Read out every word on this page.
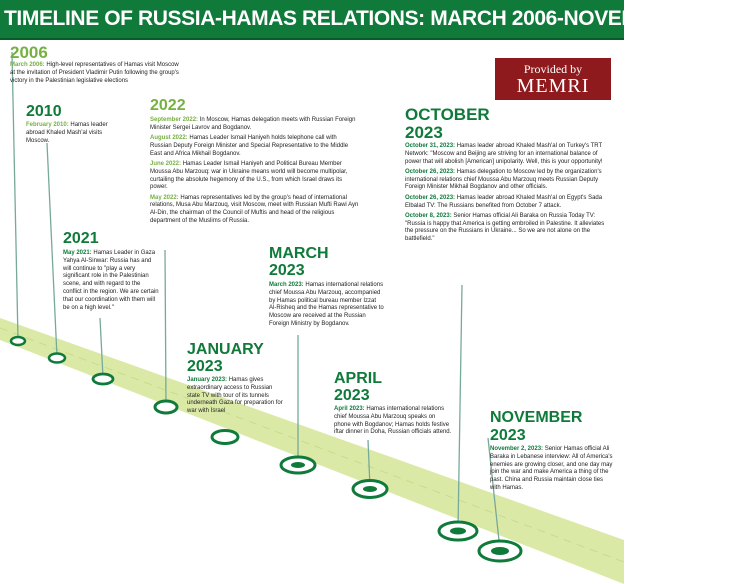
TIMELINE OF RUSSIA-HAMAS RELATIONS: MARCH 2006-NOVEMBER 2023
Provided by
MEMRI
2006

March 2006: High-level representatives of Hamas visit Moscow at the invitation of President Vladimir Putin following the group's victory in the Palestinian legislative elections

2010

February 2010: Hamas leader abroad Khaled Mash'al visits Moscow.

2021

May 2021: Hamas Leader in Gaza Yahya Al-Sinwar: Russia has and will continue to "play a very significant role in the Palestinian scene, and with regard to the conflict in the region. We are certain that our coordination with them will be on a high level."

2022

September 2022: In Moscow, Hamas delegation meets with Russian Foreign Minister Sergei Lavrov and Bogdanov.

August 2022: Hamas Leader Ismail Haniyeh holds telephone call with Russian Deputy Foreign Minister and Special Representative to the Middle East and Africa Mikhail Bogdanov.

June 2022: Hamas Leader Ismail Haniyeh and Political Bureau Member Moussa Abu Marzouq: war in Ukraine means world will become multipolar, curtailing the absolute hegemony of the U.S., from which Israel draws its power.

May 2022: Hamas representatives led by the group's head of international relations, Musa Abu Marzouq, visit Moscow, meet with Russian Mufti Rawi Ayn Al-Din, the chairman of the Council of Muftis and head of the religious department of the Muslims of Russia.

JANUARY
2023

January 2023: Hamas gives extraordinary access to Russian state TV with tour of its tunnels underneath Gaza for preparation for war with Israel

MARCH
2023

March 2023: Hamas international relations chief Moussa Abu Marzouq, accompanied by Hamas political bureau member Izzat Al-Risheq and the Hamas representative to Moscow are received at the Russian Foreign Ministry by Bogdanov.

APRIL
2023

April 2023: Hamas international relations chief Moussa Abu Marzouq speaks on phone with Bogdanov; Hamas holds festive iftar dinner in Doha, Russian officials attend.

OCTOBER
2023

October 31, 2023: Hamas leader abroad Khaled Mash'al on Turkey's TRT Network: "Moscow and Beijing are striving for an international balance of power that will abolish [American] unipolarity. Well, this is your opportunity!

October 26, 2023: Hamas delegation to Moscow led by the organization's international relations chief Moussa Abu Marzouq meets Russian Deputy Foreign Minister Mikhail Bogdanov and other officials.

October 26, 2023: Hamas leader abroad Khaled Mash'al on Egypt's Sada Elbalad TV: The Russians benefited from October 7 attack.

October 8, 2023: Senior Hamas official Ali Baraka on Russia Today TV: "Russia is happy that America is getting embroiled in Palestine. It alleviates the pressure on the Russians in Ukraine... So we are not alone on the battlefield."

NOVEMBER
2023

November 2, 2023: Senior Hamas official Ali Baraka in Lebanese interview: All of America's enemies are growing closer, and one day may join the war and make America a thing of the past. China and Russia maintain close ties with Hamas.
